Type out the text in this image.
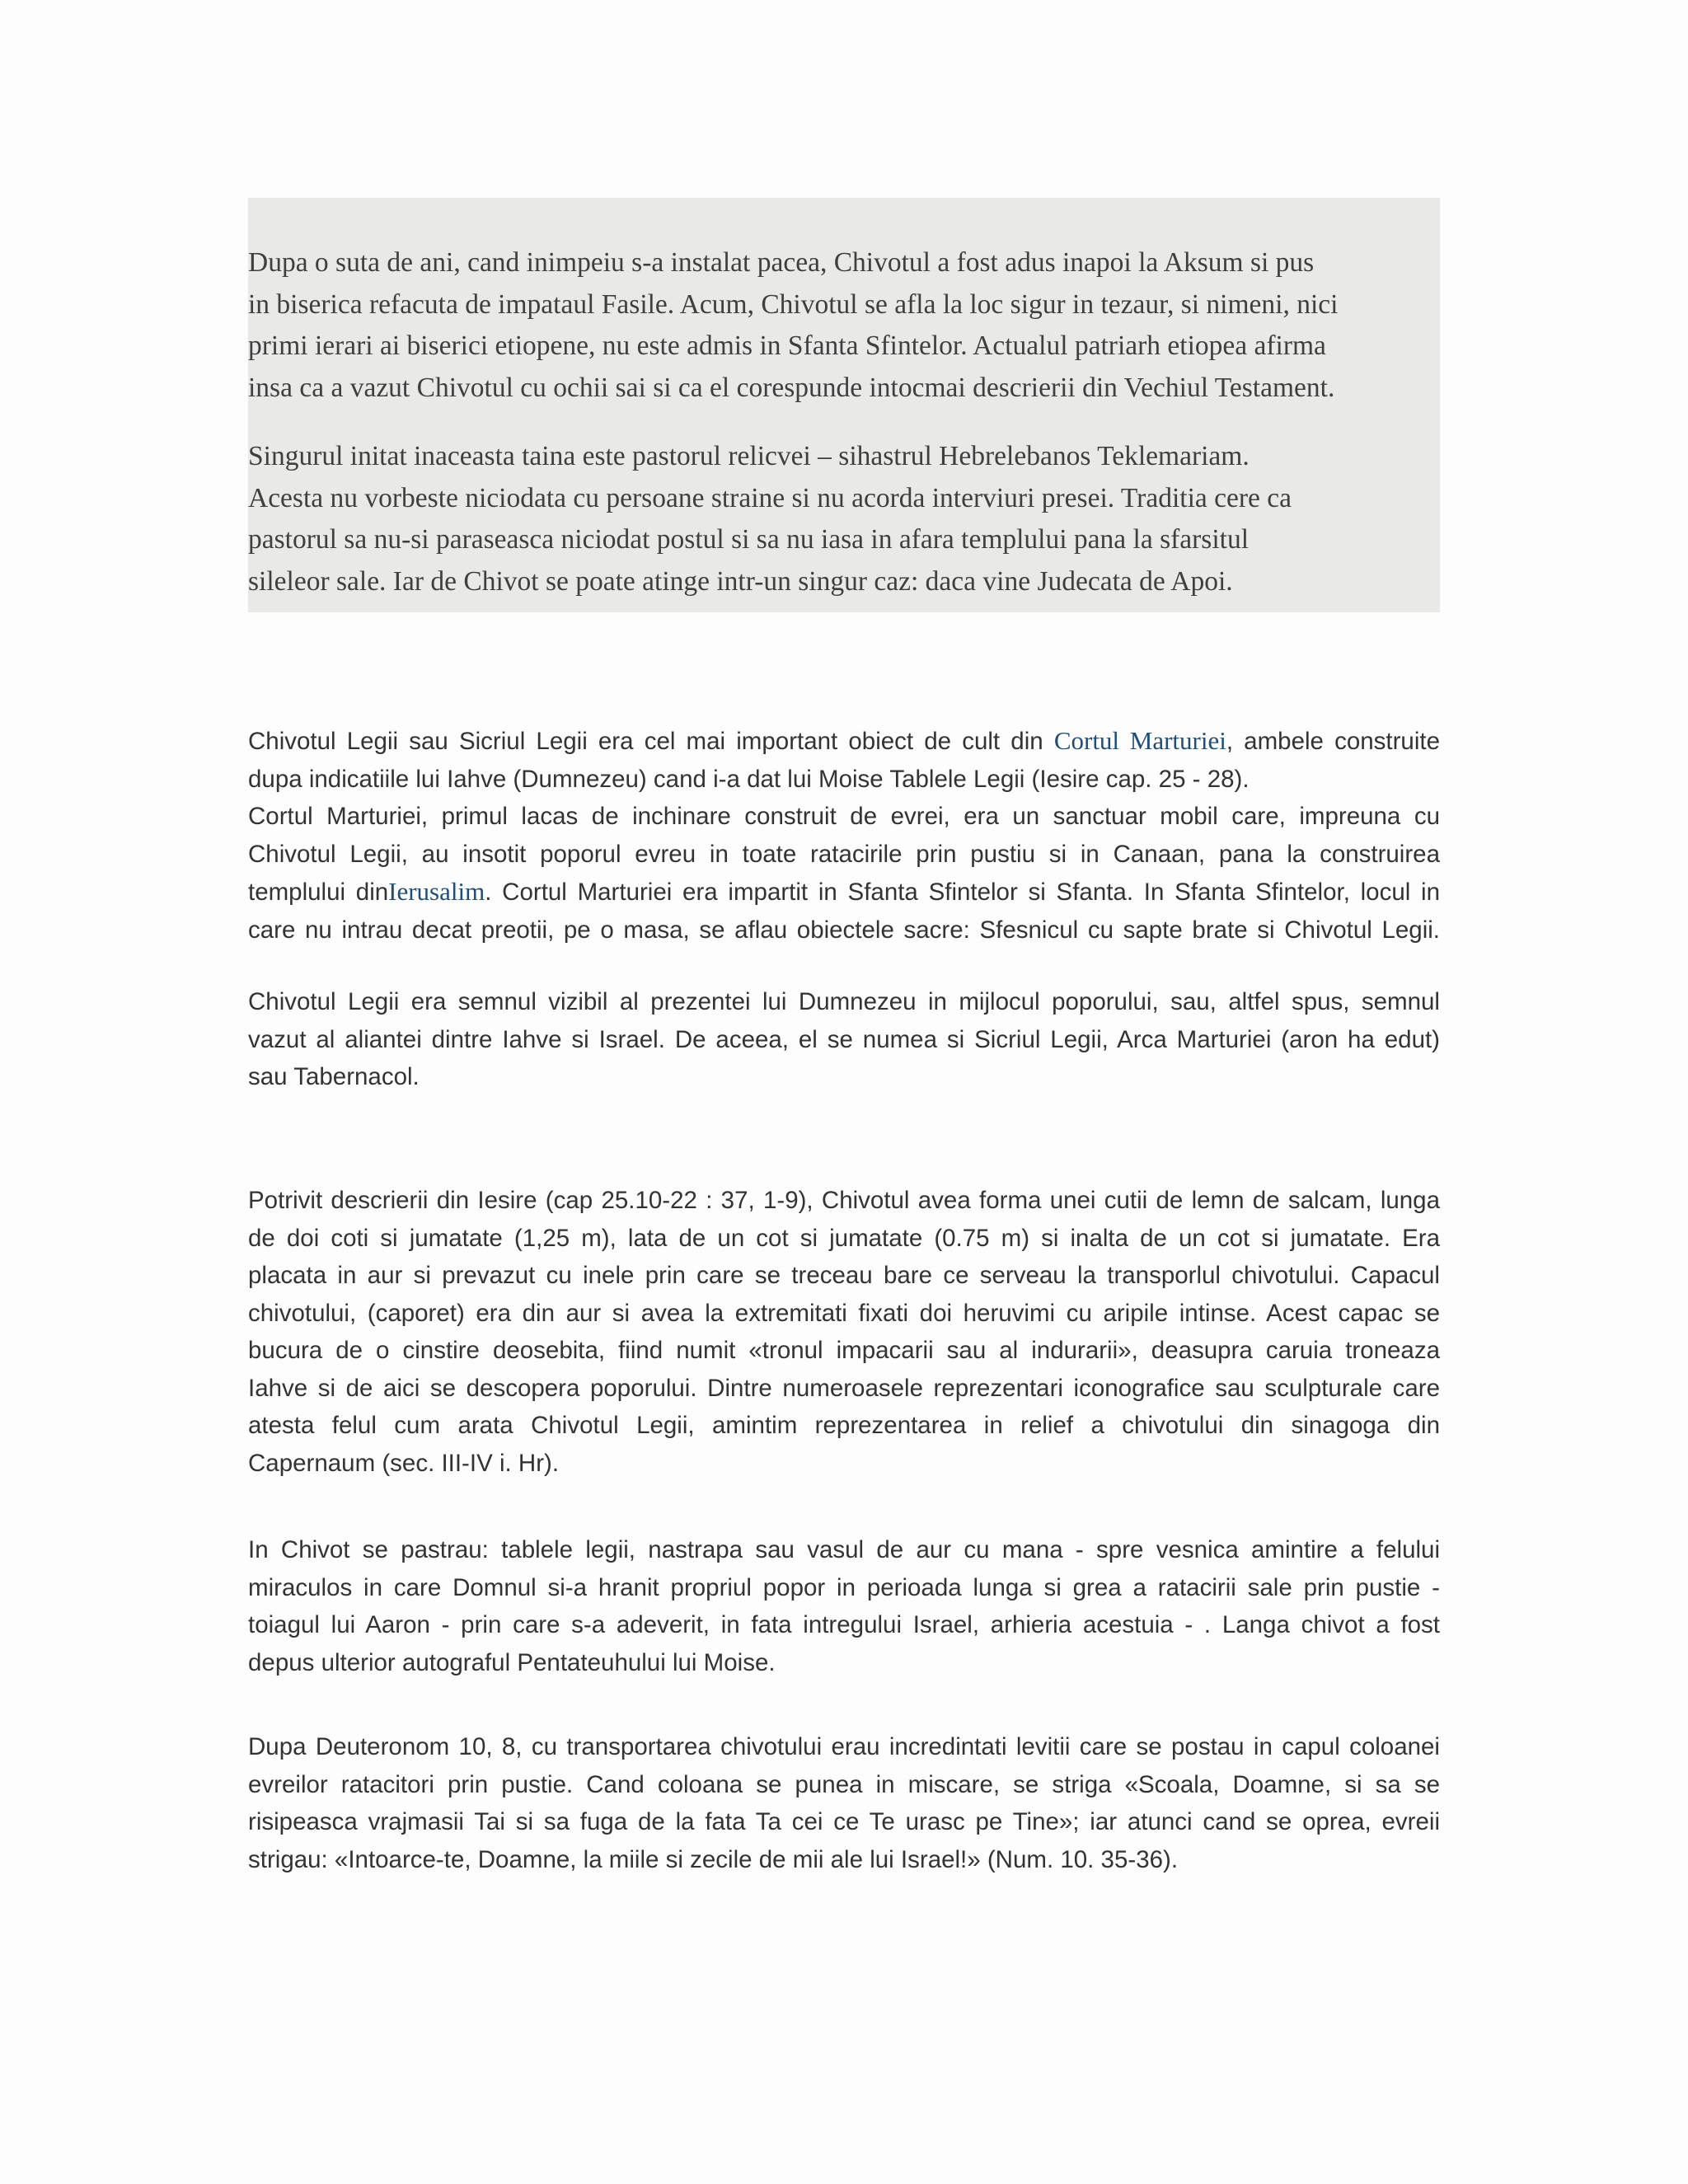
Dupa o suta de ani, cand inimpeiu s-a instalat pacea, Chivotul a fost adus inapoi la Aksum si pus
in biserica refacuta de impataul Fasile. Acum, Chivotul se afla la loc sigur in tezaur, si nimeni, nici
primi ierari ai biserici etiopene, nu este admis in Sfanta Sfintelor. Actualul patriarh etiopea afirma
insa ca a vazut Chivotul cu ochii sai si ca el corespunde intocmai descrierii din Vechiul Testament.

Singurul initat inaceasta taina este pastorul relicvei – sihastrul Hebrelebanos Teklemariam.
Acesta nu vorbeste niciodata cu persoane straine si nu acorda interviuri presei. Traditia cere ca
pastorul sa nu-si paraseasca niciodat postul si sa nu iasa in afara templului pana la sfarsitul
sileleor sale. Iar de Chivot se poate atinge intr-un singur caz: daca vine Judecata de Apoi.

Chivotul Legii sau Sicriul Legii era cel mai important obiect de cult din Cortul Marturiei, ambele construite
dupa indicatiile lui Iahve (Dumnezeu) cand i-a dat lui Moise Tablele Legii (Iesire cap. 25 - 28).

Cortul Marturiei, primul lacas de inchinare construit de evrei, era un sanctuar mobil care, impreuna cu
Chivotul Legii, au insotit poporul evreu in toate ratacirile prin pustiu si in Canaan, pana la construirea
templului dinIerusalim. Cortul Marturiei era impartit in Sfanta Sfintelor si Sfanta. In Sfanta Sfintelor, locul in
care nu intrau decat preotii, pe o masa, se aflau obiectele sacre: Sfesnicul cu sapte brate si Chivotul Legii.

Chivotul Legii era semnul vizibil al prezentei lui Dumnezeu in mijlocul poporului, sau, altfel spus, semnul
vazut al aliantei dintre Iahve si Israel. De aceea, el se numea si Sicriul Legii, Arca Marturiei (aron ha edut)
sau Tabernacol.

Potrivit descrierii din Iesire (cap 25.10-22 : 37, 1-9), Chivotul avea forma unei cutii de lemn de salcam, lunga
de doi coti si jumatate (1,25 m), lata de un cot si jumatate (0.75 m) si inalta de un cot si jumatate. Era
placata in aur si prevazut cu inele prin care se treceau bare ce serveau la transporlul chivotului. Capacul
chivotului, (caporet) era din aur si avea la extremitati fixati doi heruvimi cu aripile intinse. Acest capac se
bucura de o cinstire deosebita, fiind numit «tronul impacarii sau al indurarii», deasupra caruia troneaza
Iahve si de aici se descopera poporului. Dintre numeroasele reprezentari iconografice sau sculpturale care
atesta felul cum arata Chivotul Legii, amintim reprezentarea in relief a chivotului din sinagoga din
Capernaum (sec. III-IV i. Hr).

In Chivot se pastrau: tablele legii, nastrapa sau vasul de aur cu mana - spre vesnica amintire a felului
miraculos in care Domnul si-a hranit propriul popor in perioada lunga si grea a ratacirii sale prin pustie -
toiagul lui Aaron - prin care s-a adeverit, in fata intregului Israel, arhieria acestuia - . Langa chivot a fost
depus ulterior autograful Pentateuhului lui Moise.

Dupa Deuteronom 10, 8, cu transportarea chivotului erau incredintati levitii care se postau in capul coloanei
evreilor ratacitori prin pustie. Cand coloana se punea in miscare, se striga «Scoala, Doamne, si sa se
risipeasca vrajmasii Tai si sa fuga de la fata Ta cei ce Te urasc pe Tine»; iar atunci cand se oprea, evreii
strigau: «Intoarce-te, Doamne, la miile si zecile de mii ale lui Israel!» (Num. 10. 35-36).
